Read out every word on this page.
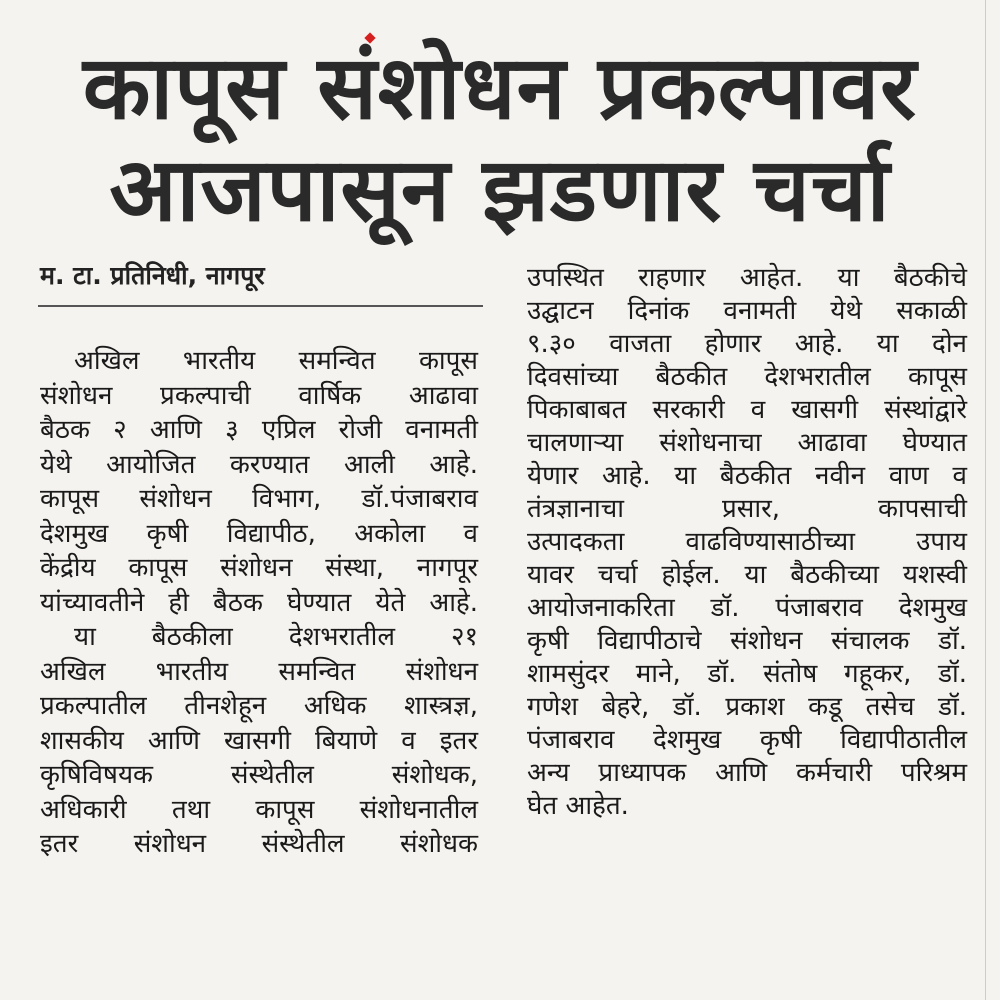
कापूस संशोधन प्रकल्पावर
आजपासून झडणार चर्चा
म. टा. प्रतिनिधी, नागपूर
अखिल भारतीय समन्वित कापूस
संशोधन प्रकल्पाची वार्षिक आढावा
बैठक २ आणि ३ एप्रिल रोजी वनामती
येथे आयोजित करण्यात आली आहे.
कापूस संशोधन विभाग, डॉ.पंजाबराव
देशमुख कृषी विद्यापीठ, अकोला व
केंद्रीय कापूस संशोधन संस्था, नागपूर
यांच्यावतीने ही बैठक घेण्यात येते आहे.
या बैठकीला देशभरातील २१
अखिल भारतीय समन्वित संशोधन
प्रकल्पातील तीनशेहून अधिक शास्त्रज्ञ,
शासकीय आणि खासगी बियाणे व इतर
कृषिविषयक संस्थेतील संशोधक,
अधिकारी तथा कापूस संशोधनातील
इतर संशोधन संस्थेतील संशोधक
उपस्थित राहणार आहेत. या बैठकीचे
उद्घाटन दिनांक वनामती येथे सकाळी
९.३० वाजता होणार आहे. या दोन
दिवसांच्या बैठकीत देशभरातील कापूस
पिकाबाबत सरकारी व खासगी संस्थांद्वारे
चालणाऱ्या संशोधनाचा आढावा घेण्यात
येणार आहे. या बैठकीत नवीन वाण व
तंत्रज्ञानाचा प्रसार, कापसाची
उत्पादकता वाढविण्यासाठीच्या उपाय
यावर चर्चा होईल. या बैठकीच्या यशस्वी
आयोजनाकरिता डॉ. पंजाबराव देशमुख
कृषी विद्यापीठाचे संशोधन संचालक डॉ.
शामसुंदर माने, डॉ. संतोष गहूकर, डॉ.
गणेश बेहरे, डॉ. प्रकाश कडू तसेच डॉ.
पंजाबराव देशमुख कृषी विद्यापीठातील
अन्य प्राध्यापक आणि कर्मचारी परिश्रम
घेत आहेत.
